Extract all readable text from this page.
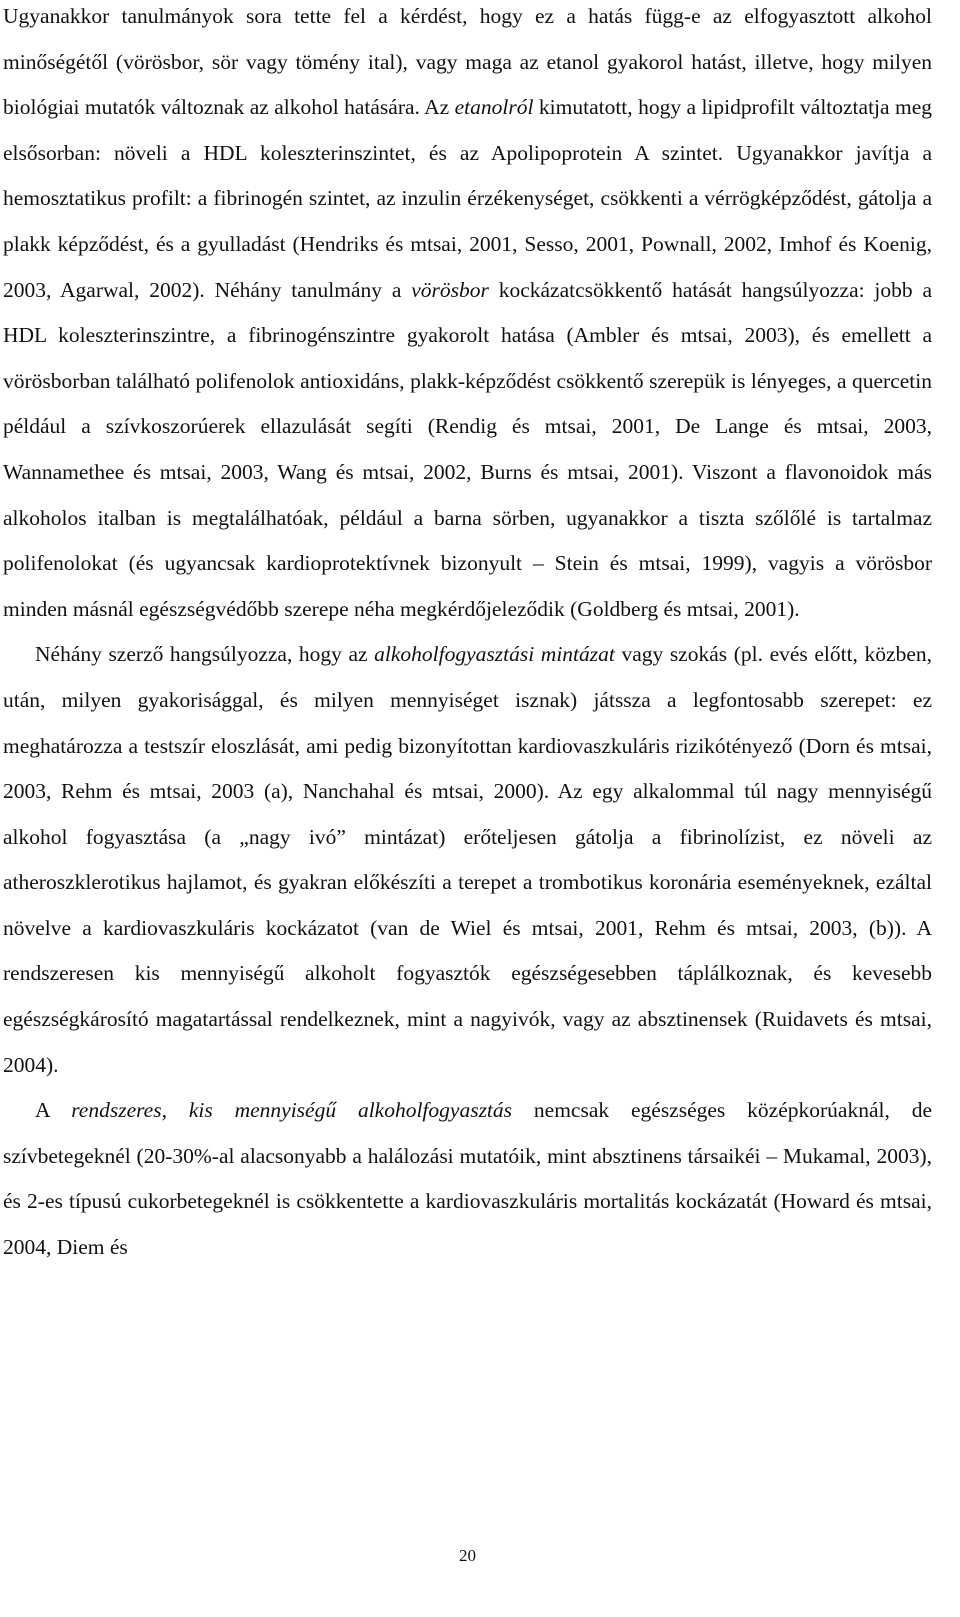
Ugyanakkor tanulmányok sora tette fel a kérdést, hogy ez a hatás függ-e az elfogyasztott alkohol minőségétől (vörösbor, sör vagy tömény ital), vagy maga az etanol gyakorol hatást, illetve, hogy milyen biológiai mutatók változnak az alkohol hatására. Az etanolról kimutatott, hogy a lipidprofilt változtatja meg elsősorban: növeli a HDL koleszterinszintet, és az Apolipoprotein A szintet. Ugyanakkor javítja a hemosztatikus profilt: a fibrinogén szintet, az inzulin érzékenységet, csökkenti a vérrögképződést, gátolja a plakk képződést, és a gyulladást (Hendriks és mtsai, 2001, Sesso, 2001, Pownall, 2002, Imhof és Koenig, 2003, Agarwal, 2002). Néhány tanulmány a vörösbor kockázatcsökkentő hatását hangsúlyozza: jobb a HDL koleszterinszintre, a fibrinogénszintre gyakorolt hatása (Ambler és mtsai, 2003), és emellett a vörösborban található polifenolok antioxidáns, plakk-képződést csökkentő szerepük is lényeges, a quercetin például a szívkoszorúerek ellazulását segíti (Rendig és mtsai, 2001, De Lange és mtsai, 2003, Wannamethee és mtsai, 2003, Wang és mtsai, 2002, Burns és mtsai, 2001). Viszont a flavonoidok más alkoholos italban is megtalálhatóak, például a barna sörben, ugyanakkor a tiszta szőlőlé is tartalmaz polifenolokat (és ugyancsak kardioprotektívnek bizonyult – Stein és mtsai, 1999), vagyis a vörösbor minden másnál egészségvédőbb szerepe néha megkérdőjeleződik (Goldberg és mtsai, 2001).

Néhány szerző hangsúlyozza, hogy az alkoholfogyasztási mintázat vagy szokás (pl. evés előtt, közben, után, milyen gyakorisággal, és milyen mennyiséget isznak) játssza a legfontosabb szerepet: ez meghatározza a testszír eloszlását, ami pedig bizonyítottan kardiovaszkuláris rizikótényező (Dorn és mtsai, 2003, Rehm és mtsai, 2003 (a), Nanchahal és mtsai, 2000). Az egy alkalommal túl nagy mennyiségű alkohol fogyasztása (a „nagy ivó” mintázat) erőteljesen gátolja a fibrinolízist, ez növeli az atheroszklerotikus hajlamot, és gyakran előkészíti a terepet a trombotikus koronária eseményeknek, ezáltal növelve a kardiovaszkuláris kockázatot (van de Wiel és mtsai, 2001, Rehm és mtsai, 2003, (b)). A rendszeresen kis mennyiségű alkoholt fogyasztók egészségesebben táplálkoznak, és kevesebb egészségkárosító magatartással rendelkeznek, mint a nagyivók, vagy az absztinensek (Ruidavets és mtsai, 2004).

A rendszeres, kis mennyiségű alkoholfogyasztás nemcsak egészséges középkorúaknál, de szívbetegeknél (20-30%-al alacsonyabb a halálozási mutatóik, mint absztinens társaikéi – Mukamal, 2003), és 2-es típusú cukorbetegeknél is csökkentette a kardiovaszkuláris mortalitás kockázatát (Howard és mtsai, 2004, Diem és

20
